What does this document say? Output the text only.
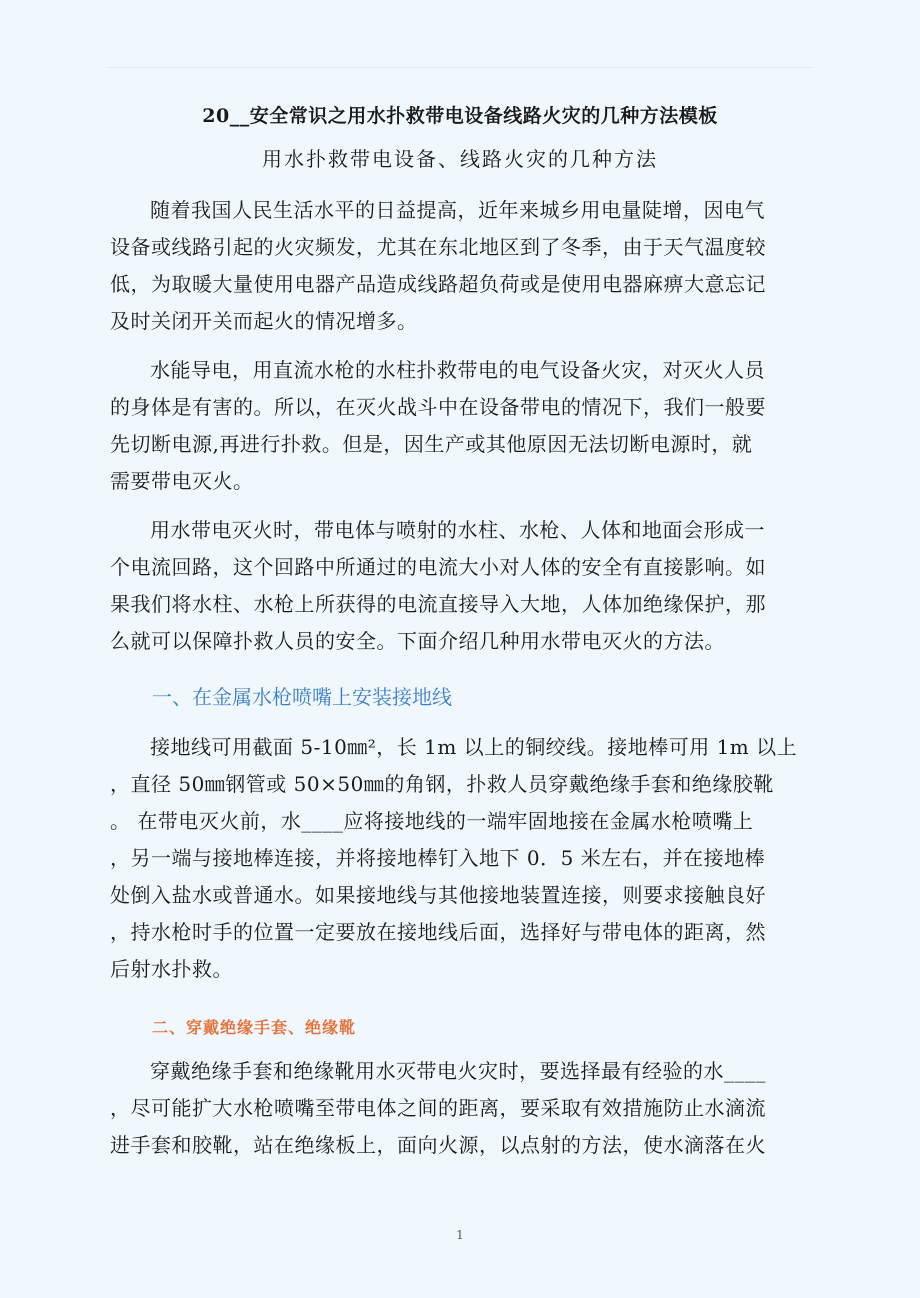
20__安全常识之用水扑救带电设备线路火灾的几种方法模板
用水扑救带电设备、线路火灾的几种方法
随着我国人民生活水平的日益提高，近年来城乡用电量陡增，因电气
设备或线路引起的火灾频发，尤其在东北地区到了冬季，由于天气温度较
低，为取暖大量使用电器产品造成线路超负荷或是使用电器麻痹大意忘记
及时关闭开关而起火的情况增多。
水能导电，用直流水枪的水柱扑救带电的电气设备火灾，对灭火人员
的身体是有害的。所以，在灭火战斗中在设备带电的情况下，我们一般要
先切断电源,再进行扑救。但是，因生产或其他原因无法切断电源时，就
需要带电灭火。
用水带电灭火时，带电体与喷射的水柱、水枪、人体和地面会形成一
个电流回路，这个回路中所通过的电流大小对人体的安全有直接影响。如
果我们将水柱、水枪上所获得的电流直接导入大地，人体加绝缘保护，那
么就可以保障扑救人员的安全。下面介绍几种用水带电灭火的方法。
一、在金属水枪喷嘴上安装接地线
接地线可用截面 5-10㎜²，长 1m 以上的铜绞线。接地棒可用 1m 以上
，直径 50㎜钢管或 50×50㎜的角钢，扑救人员穿戴绝缘手套和绝缘胶靴
。 在带电灭火前，水____应将接地线的一端牢固地接在金属水枪喷嘴上
，另一端与接地棒连接，并将接地棒钉入地下 0．5 米左右，并在接地棒
处倒入盐水或普通水。如果接地线与其他接地装置连接，则要求接触良好
，持水枪时手的位置一定要放在接地线后面，选择好与带电体的距离，然
后射水扑救。
二、穿戴绝缘手套、绝缘靴
穿戴绝缘手套和绝缘靴用水灭带电火灾时，要选择最有经验的水____
，尽可能扩大水枪喷嘴至带电体之间的距离，要采取有效措施防止水滴流
进手套和胶靴，站在绝缘板上，面向火源，以点射的方法，使水滴落在火
1
